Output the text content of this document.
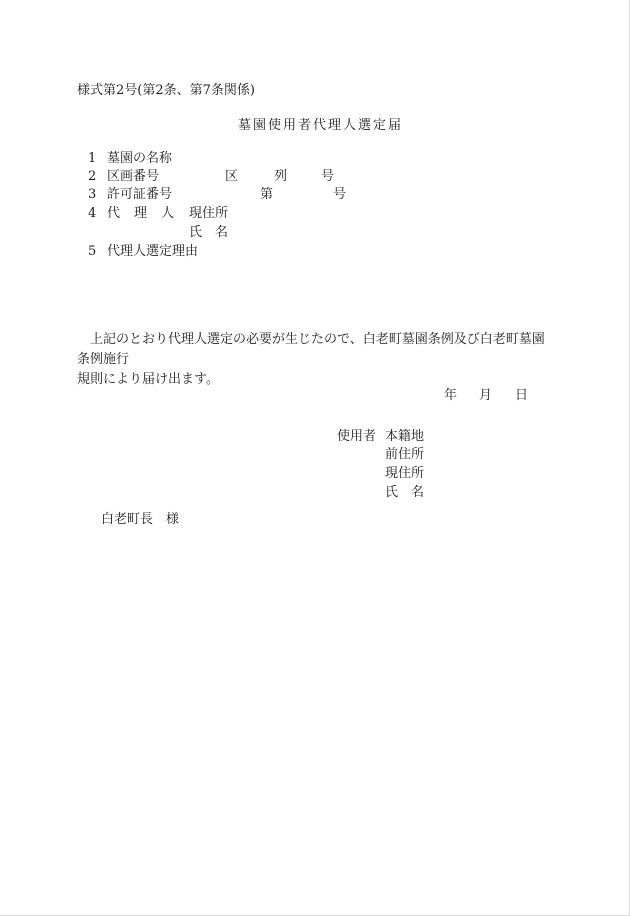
様式第2号(第2条、第7条関係)
墓園使用者代理人選定届
1 墓園の名称
2 区画番号	区	列	号
3 許可証番号	第	号
4 代理人 現住所
氏名
5 代理人選定理由
上記のとおり代理人選定の必要が生じたので、白老町墓園条例及び白老町墓園条例施行
規則により届け出ます。
年 月 日
使用者 本籍地
前住所
現住所
氏名
白老町長　様
